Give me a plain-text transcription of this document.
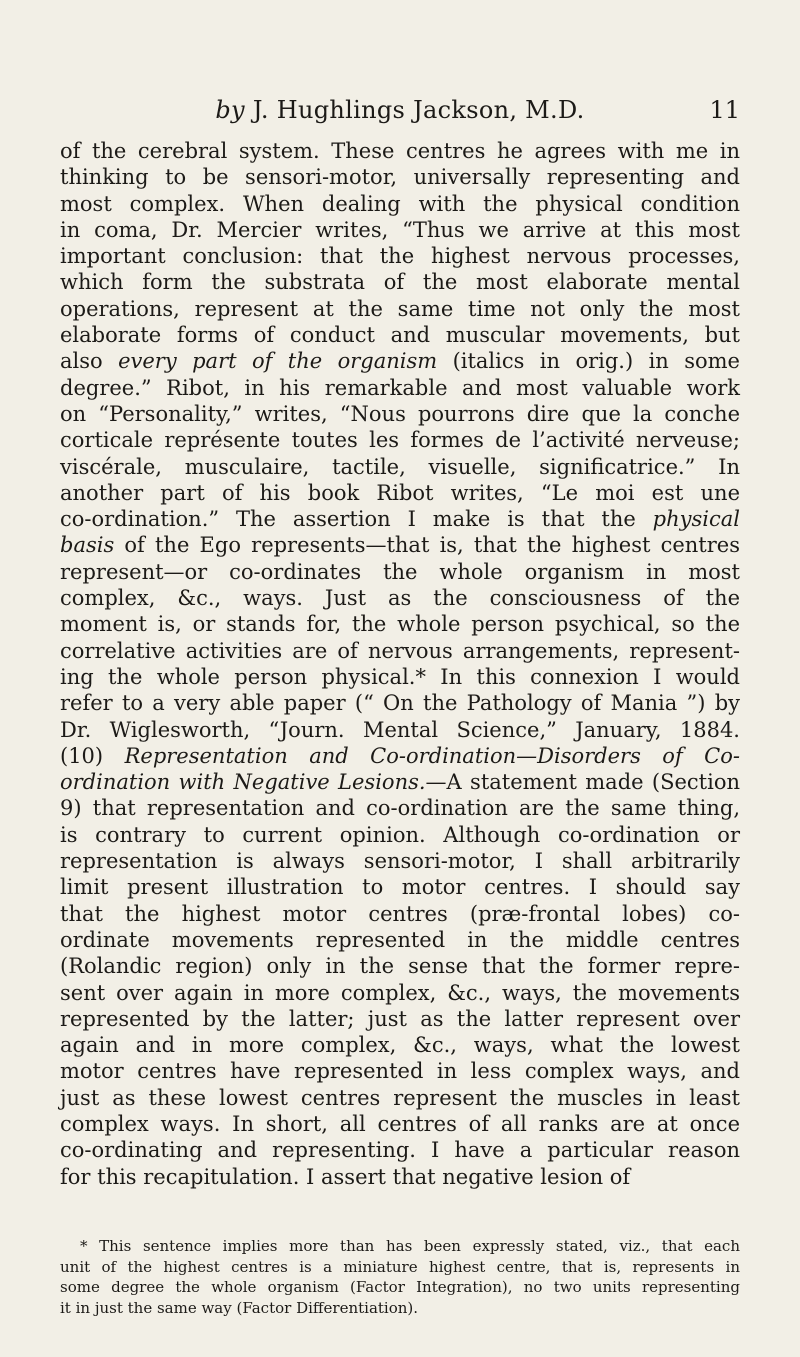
by J. Hughlings Jackson, M.D.	11
of the cerebral system. These centres he agrees with me in
thinking to be sensori-motor, universally representing and
most complex. When dealing with the physical condition
in coma, Dr. Mercier writes, “Thus we arrive at this most
important conclusion: that the highest nervous processes,
which form the substrata of the most elaborate mental
operations, represent at the same time not only the most
elaborate forms of conduct and muscular movements, but
also every part of the organism (italics in orig.) in some
degree.” Ribot, in his remarkable and most valuable work
on “Personality,” writes, “Nous pourrons dire que la conche
corticale représente toutes les formes de l’activité nerveuse;
viscérale, musculaire, tactile, visuelle, significatrice.” In
another part of his book Ribot writes, “Le moi est une
co-ordination.” The assertion I make is that the physical
basis of the Ego represents—that is, that the highest centres
represent—or co-ordinates the whole organism in most
complex, &c., ways. Just as the consciousness of the
moment is, or stands for, the whole person psychical, so the
correlative activities are of nervous arrangements, represent-
ing the whole person physical.* In this connexion I would
refer to a very able paper (“ On the Pathology of Mania ”) by
Dr. Wiglesworth, “Journ. Mental Science,” January, 1884.
(10) Representation and Co-ordination—Disorders of Co-
ordination with Negative Lesions.—A statement made (Section
9) that representation and co-ordination are the same thing,
is contrary to current opinion. Although co-ordination or
representation is always sensori-motor, I shall arbitrarily
limit present illustration to motor centres. I should say
that the highest motor centres (præ-frontal lobes) co-
ordinate movements represented in the middle centres
(Rolandic region) only in the sense that the former repre-
sent over again in more complex, &c., ways, the movements
represented by the latter; just as the latter represent over
again and in more complex, &c., ways, what the lowest
motor centres have represented in less complex ways, and
just as these lowest centres represent the muscles in least
complex ways. In short, all centres of all ranks are at once
co-ordinating and representing. I have a particular reason
for this recapitulation. I assert that negative lesion of
* This sentence implies more than has been expressly stated, viz., that each
unit of the highest centres is a miniature highest centre, that is, represents in
some degree the whole organism (Factor Integration), no two units representing
it in just the same way (Factor Differentiation).
